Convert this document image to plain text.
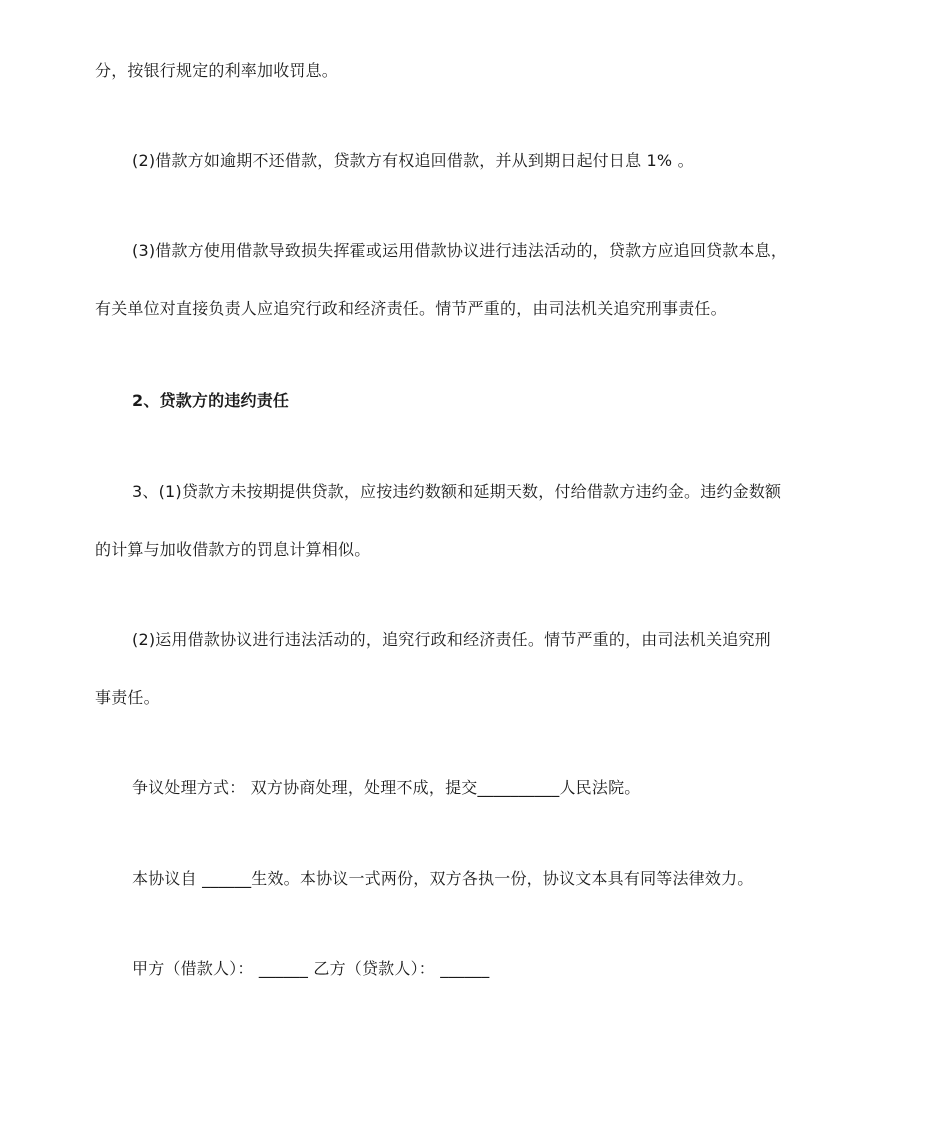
分，按银行规定的利率加收罚息。
(2)借款方如逾期不还借款，贷款方有权追回借款，并从到期日起付日息 1% 。
(3)借款方使用借款导致损失挥霍或运用借款协议进行违法活动的，贷款方应追回贷款本息，
有关单位对直接负责人应追究行政和经济责任。情节严重的，由司法机关追究刑事责任。
2、贷款方的违约责任
3、(1)贷款方未按期提供贷款，应按违约数额和延期天数，付给借款方违约金。违约金数额
的计算与加收借款方的罚息计算相似。
(2)运用借款协议进行违法活动的，追究行政和经济责任。情节严重的，由司法机关追究刑
事责任。
争议处理方式： 双方协商处理，处理不成，提交__________人民法院。
本协议自 ______生效。本协议一式两份，双方各执一份，协议文本具有同等法律效力。
甲方（借款人）： ______ 乙方（贷款人）： ______
